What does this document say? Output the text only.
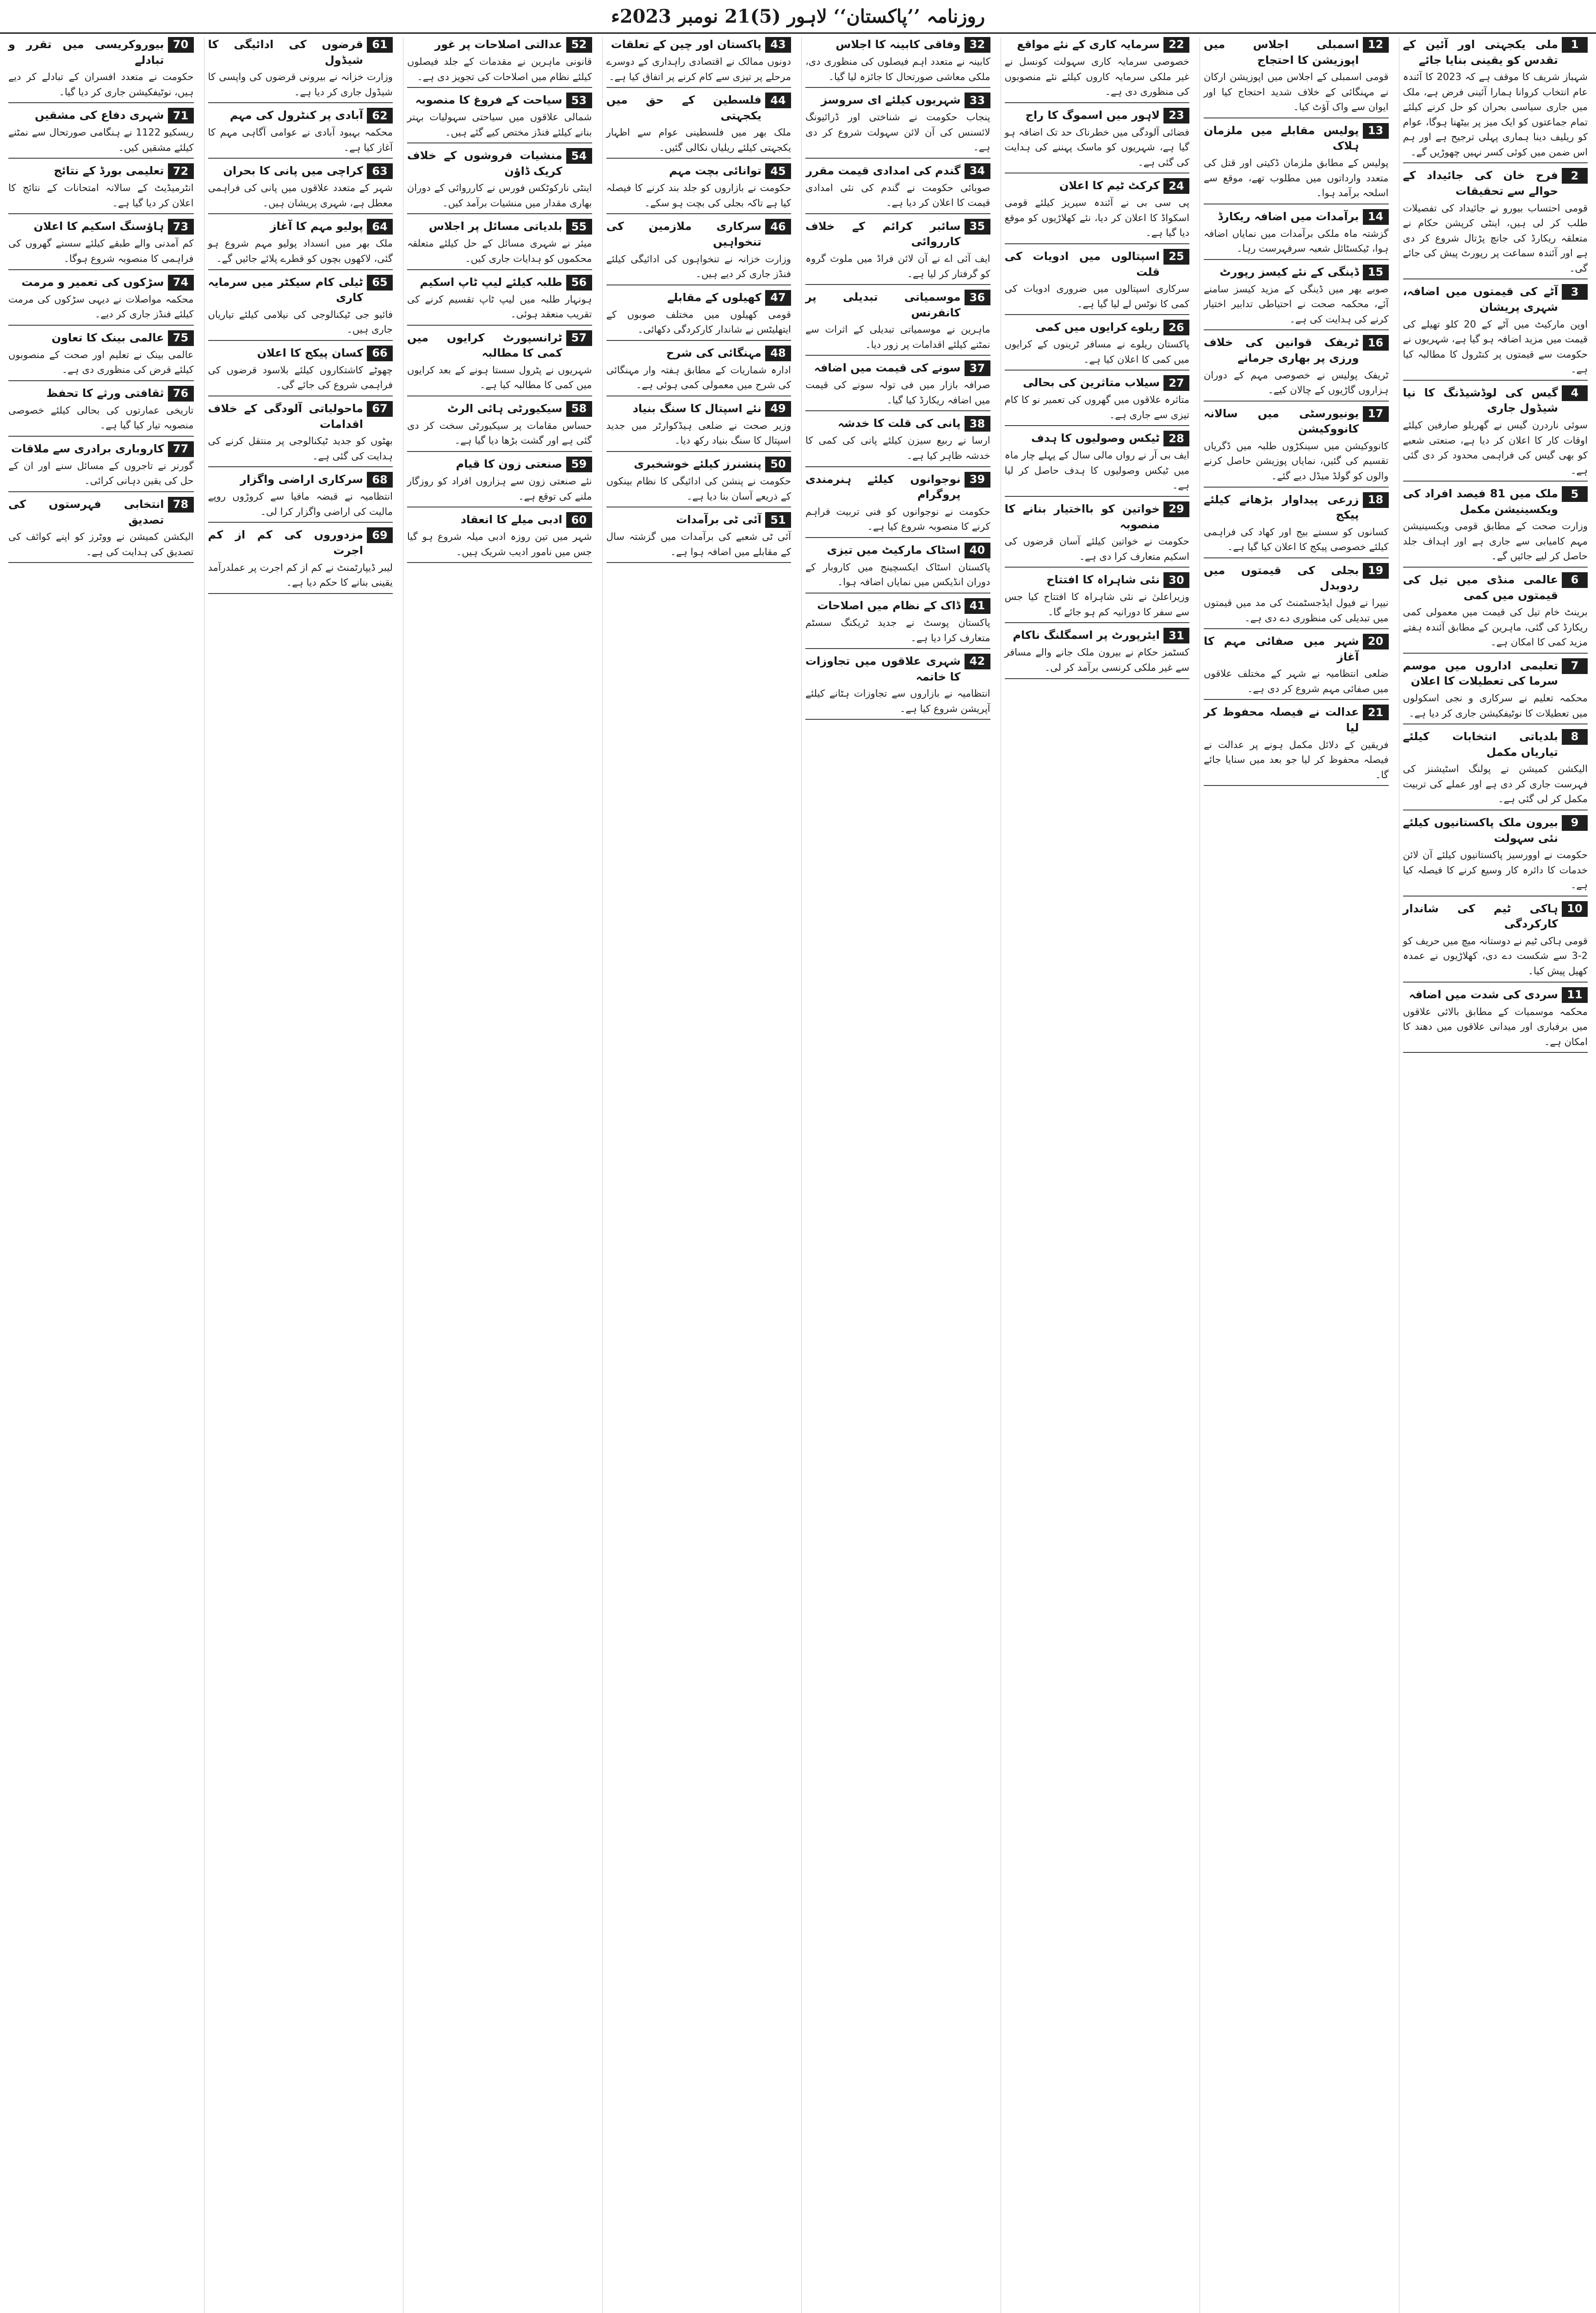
روزنامہ ’’پاکستان‘‘ لاہور (5)21 نومبر 2023ء
1
ملی یکجہتی اور آئین کے تقدس کو یقینی بنایا جائے

شہباز شریف کا موقف ہے کہ 2023 کا آئندہ عام انتخاب کروانا ہمارا آئینی فرض ہے، ملک میں جاری سیاسی بحران کو حل کرنے کیلئے تمام جماعتوں کو ایک میز پر بیٹھنا ہوگا، عوام کو ریلیف دینا ہماری پہلی ترجیح ہے اور ہم اس ضمن میں کوئی کسر نہیں چھوڑیں گے۔

2
فرح خان کی جائیداد کے حوالے سے تحقیقات

قومی احتساب بیورو نے جائیداد کی تفصیلات طلب کر لی ہیں، اینٹی کرپشن حکام نے متعلقہ ریکارڈ کی جانچ پڑتال شروع کر دی ہے اور آئندہ سماعت پر رپورٹ پیش کی جائے گی۔

3
آٹے کی قیمتوں میں اضافہ، شہری پریشان

اوپن مارکیٹ میں آٹے کے 20 کلو تھیلے کی قیمت میں مزید اضافہ ہو گیا ہے، شہریوں نے حکومت سے قیمتوں پر کنٹرول کا مطالبہ کیا ہے۔

4
گیس کی لوڈشیڈنگ کا نیا شیڈول جاری

سوئی ناردرن گیس نے گھریلو صارفین کیلئے اوقات کار کا اعلان کر دیا ہے، صنعتی شعبے کو بھی گیس کی فراہمی محدود کر دی گئی ہے۔

5
ملک میں 81 فیصد افراد کی ویکسینیشن مکمل

وزارت صحت کے مطابق قومی ویکسینیشن مہم کامیابی سے جاری ہے اور اہداف جلد حاصل کر لیے جائیں گے۔

6
عالمی منڈی میں تیل کی قیمتوں میں کمی

برینٹ خام تیل کی قیمت میں معمولی کمی ریکارڈ کی گئی، ماہرین کے مطابق آئندہ ہفتے مزید کمی کا امکان ہے۔

7
تعلیمی اداروں میں موسم سرما کی تعطیلات کا اعلان

محکمہ تعلیم نے سرکاری و نجی اسکولوں میں تعطیلات کا نوٹیفکیشن جاری کر دیا ہے۔

8
بلدیاتی انتخابات کیلئے تیاریاں مکمل

الیکشن کمیشن نے پولنگ اسٹیشنز کی فہرست جاری کر دی ہے اور عملے کی تربیت مکمل کر لی گئی ہے۔

9
بیرون ملک پاکستانیوں کیلئے نئی سہولت

حکومت نے اوورسیز پاکستانیوں کیلئے آن لائن خدمات کا دائرہ کار وسیع کرنے کا فیصلہ کیا ہے۔

10
ہاکی ٹیم کی شاندار کارکردگی

قومی ہاکی ٹیم نے دوستانہ میچ میں حریف کو 2-3 سے شکست دے دی، کھلاڑیوں نے عمدہ کھیل پیش کیا۔

11
سردی کی شدت میں اضافہ

محکمہ موسمیات کے مطابق بالائی علاقوں میں برفباری اور میدانی علاقوں میں دھند کا امکان ہے۔

12
اسمبلی اجلاس میں اپوزیشن کا احتجاج

قومی اسمبلی کے اجلاس میں اپوزیشن ارکان نے مہنگائی کے خلاف شدید احتجاج کیا اور ایوان سے واک آؤٹ کیا۔

13
پولیس مقابلے میں ملزمان ہلاک

پولیس کے مطابق ملزمان ڈکیتی اور قتل کی متعدد وارداتوں میں مطلوب تھے، موقع سے اسلحہ برآمد ہوا۔

14
برآمدات میں اضافہ ریکارڈ

گزشتہ ماہ ملکی برآمدات میں نمایاں اضافہ ہوا، ٹیکسٹائل شعبہ سرفہرست رہا۔

15
ڈینگی کے نئے کیسز رپورٹ

صوبے بھر میں ڈینگی کے مزید کیسز سامنے آئے، محکمہ صحت نے احتیاطی تدابیر اختیار کرنے کی ہدایت کی ہے۔

16
ٹریفک قوانین کی خلاف ورزی پر بھاری جرمانے

ٹریفک پولیس نے خصوصی مہم کے دوران ہزاروں گاڑیوں کے چالان کیے۔

17
یونیورسٹی میں سالانہ کانووکیشن

کانووکیشن میں سینکڑوں طلبہ میں ڈگریاں تقسیم کی گئیں، نمایاں پوزیشن حاصل کرنے والوں کو گولڈ میڈل دیے گئے۔

18
زرعی پیداوار بڑھانے کیلئے پیکج

کسانوں کو سستے بیج اور کھاد کی فراہمی کیلئے خصوصی پیکج کا اعلان کیا گیا ہے۔

19
بجلی کی قیمتوں میں ردوبدل

نیپرا نے فیول ایڈجسٹمنٹ کی مد میں قیمتوں میں تبدیلی کی منظوری دے دی ہے۔

20
شہر میں صفائی مہم کا آغاز

ضلعی انتظامیہ نے شہر کے مختلف علاقوں میں صفائی مہم شروع کر دی ہے۔

21
عدالت نے فیصلہ محفوظ کر لیا

فریقین کے دلائل مکمل ہونے پر عدالت نے فیصلہ محفوظ کر لیا جو بعد میں سنایا جائے گا۔

22
سرمایہ کاری کے نئے مواقع

خصوصی سرمایہ کاری سہولت کونسل نے غیر ملکی سرمایہ کاروں کیلئے نئے منصوبوں کی منظوری دی ہے۔

23
لاہور میں اسموگ کا راج

فضائی آلودگی میں خطرناک حد تک اضافہ ہو گیا ہے، شہریوں کو ماسک پہننے کی ہدایت کی گئی ہے۔

24
کرکٹ ٹیم کا اعلان

پی سی بی نے آئندہ سیریز کیلئے قومی اسکواڈ کا اعلان کر دیا، نئے کھلاڑیوں کو موقع دیا گیا ہے۔

25
اسپتالوں میں ادویات کی قلت

سرکاری اسپتالوں میں ضروری ادویات کی کمی کا نوٹس لے لیا گیا ہے۔

26
ریلوے کرایوں میں کمی

پاکستان ریلوے نے مسافر ٹرینوں کے کرایوں میں کمی کا اعلان کیا ہے۔

27
سیلاب متاثرین کی بحالی

متاثرہ علاقوں میں گھروں کی تعمیر نو کا کام تیزی سے جاری ہے۔

28
ٹیکس وصولیوں کا ہدف

ایف بی آر نے رواں مالی سال کے پہلے چار ماہ میں ٹیکس وصولیوں کا ہدف حاصل کر لیا ہے۔

29
خواتین کو بااختیار بنانے کا منصوبہ

حکومت نے خواتین کیلئے آسان قرضوں کی اسکیم متعارف کرا دی ہے۔

30
نئی شاہراہ کا افتتاح

وزیراعلیٰ نے نئی شاہراہ کا افتتاح کیا جس سے سفر کا دورانیہ کم ہو جائے گا۔

31
ایئرپورٹ پر اسمگلنگ ناکام

کسٹمز حکام نے بیرون ملک جانے والے مسافر سے غیر ملکی کرنسی برآمد کر لی۔

32
وفاقی کابینہ کا اجلاس

کابینہ نے متعدد اہم فیصلوں کی منظوری دی، ملکی معاشی صورتحال کا جائزہ لیا گیا۔

33
شہریوں کیلئے ای سروسز

پنجاب حکومت نے شناختی اور ڈرائیونگ لائسنس کی آن لائن سہولت شروع کر دی ہے۔

34
گندم کی امدادی قیمت مقرر

صوبائی حکومت نے گندم کی نئی امدادی قیمت کا اعلان کر دیا ہے۔

35
سائبر کرائم کے خلاف کارروائی

ایف آئی اے نے آن لائن فراڈ میں ملوث گروہ کو گرفتار کر لیا ہے۔

36
موسمیاتی تبدیلی پر کانفرنس

ماہرین نے موسمیاتی تبدیلی کے اثرات سے نمٹنے کیلئے اقدامات پر زور دیا۔

37
سونے کی قیمت میں اضافہ

صرافہ بازار میں فی تولہ سونے کی قیمت میں اضافہ ریکارڈ کیا گیا۔

38
پانی کی قلت کا خدشہ

ارسا نے ربیع سیزن کیلئے پانی کی کمی کا خدشہ ظاہر کیا ہے۔

39
نوجوانوں کیلئے ہنرمندی پروگرام

حکومت نے نوجوانوں کو فنی تربیت فراہم کرنے کا منصوبہ شروع کیا ہے۔

40
اسٹاک مارکیٹ میں تیزی

پاکستان اسٹاک ایکسچینج میں کاروبار کے دوران انڈیکس میں نمایاں اضافہ ہوا۔

41
ڈاک کے نظام میں اصلاحات

پاکستان پوسٹ نے جدید ٹریکنگ سسٹم متعارف کرا دیا ہے۔

42
شہری علاقوں میں تجاوزات کا خاتمہ

انتظامیہ نے بازاروں سے تجاوزات ہٹانے کیلئے آپریشن شروع کیا ہے۔

43
پاکستان اور چین کے تعلقات

دونوں ممالک نے اقتصادی راہداری کے دوسرے مرحلے پر تیزی سے کام کرنے پر اتفاق کیا ہے۔

44
فلسطین کے حق میں یکجہتی

ملک بھر میں فلسطینی عوام سے اظہار یکجہتی کیلئے ریلیاں نکالی گئیں۔

45
توانائی بچت مہم

حکومت نے بازاروں کو جلد بند کرنے کا فیصلہ کیا ہے تاکہ بجلی کی بچت ہو سکے۔

46
سرکاری ملازمین کی تنخواہیں

وزارت خزانہ نے تنخواہوں کی ادائیگی کیلئے فنڈز جاری کر دیے ہیں۔

47
کھیلوں کے مقابلے

قومی کھیلوں میں مختلف صوبوں کے ایتھلیٹس نے شاندار کارکردگی دکھائی۔

48
مہنگائی کی شرح

ادارہ شماریات کے مطابق ہفتہ وار مہنگائی کی شرح میں معمولی کمی ہوئی ہے۔

49
نئے اسپتال کا سنگ بنیاد

وزیر صحت نے ضلعی ہیڈکوارٹر میں جدید اسپتال کا سنگ بنیاد رکھ دیا۔

50
پنشنرز کیلئے خوشخبری

حکومت نے پنشن کی ادائیگی کا نظام بینکوں کے ذریعے آسان بنا دیا ہے۔

51
آئی ٹی برآمدات

آئی ٹی شعبے کی برآمدات میں گزشتہ سال کے مقابلے میں اضافہ ہوا ہے۔

52
عدالتی اصلاحات پر غور

قانونی ماہرین نے مقدمات کے جلد فیصلوں کیلئے نظام میں اصلاحات کی تجویز دی ہے۔

53
سیاحت کے فروغ کا منصوبہ

شمالی علاقوں میں سیاحتی سہولیات بہتر بنانے کیلئے فنڈز مختص کیے گئے ہیں۔

54
منشیات فروشوں کے خلاف کریک ڈاؤن

اینٹی نارکوٹکس فورس نے کارروائی کے دوران بھاری مقدار میں منشیات برآمد کیں۔

55
بلدیاتی مسائل پر اجلاس

میئر نے شہری مسائل کے حل کیلئے متعلقہ محکموں کو ہدایات جاری کیں۔

56
طلبہ کیلئے لیپ ٹاپ اسکیم

ہونہار طلبہ میں لیپ ٹاپ تقسیم کرنے کی تقریب منعقد ہوئی۔

57
ٹرانسپورٹ کرایوں میں کمی کا مطالبہ

شہریوں نے پٹرول سستا ہونے کے بعد کرایوں میں کمی کا مطالبہ کیا ہے۔

58
سیکیورٹی ہائی الرٹ

حساس مقامات پر سیکیورٹی سخت کر دی گئی ہے اور گشت بڑھا دیا گیا ہے۔

59
صنعتی زون کا قیام

نئے صنعتی زون سے ہزاروں افراد کو روزگار ملنے کی توقع ہے۔

60
ادبی میلے کا انعقاد

شہر میں تین روزہ ادبی میلہ شروع ہو گیا جس میں نامور ادیب شریک ہیں۔

61
قرضوں کی ادائیگی کا شیڈول

وزارت خزانہ نے بیرونی قرضوں کی واپسی کا شیڈول جاری کر دیا ہے۔

62
آبادی پر کنٹرول کی مہم

محکمہ بہبود آبادی نے عوامی آگاہی مہم کا آغاز کیا ہے۔

63
کراچی میں پانی کا بحران

شہر کے متعدد علاقوں میں پانی کی فراہمی معطل ہے، شہری پریشان ہیں۔

64
پولیو مہم کا آغاز

ملک بھر میں انسداد پولیو مہم شروع ہو گئی، لاکھوں بچوں کو قطرے پلائے جائیں گے۔

65
ٹیلی کام سیکٹر میں سرمایہ کاری

فائیو جی ٹیکنالوجی کی نیلامی کیلئے تیاریاں جاری ہیں۔

66
کسان پیکج کا اعلان

چھوٹے کاشتکاروں کیلئے بلاسود قرضوں کی فراہمی شروع کی جائے گی۔

67
ماحولیاتی آلودگی کے خلاف اقدامات

بھٹوں کو جدید ٹیکنالوجی پر منتقل کرنے کی ہدایت کی گئی ہے۔

68
سرکاری اراضی واگزار

انتظامیہ نے قبضہ مافیا سے کروڑوں روپے مالیت کی اراضی واگزار کرا لی۔

69
مزدوروں کی کم از کم اجرت

لیبر ڈیپارٹمنٹ نے کم از کم اجرت پر عملدرآمد یقینی بنانے کا حکم دیا ہے۔

70
بیوروکریسی میں تقرر و تبادلے

حکومت نے متعدد افسران کے تبادلے کر دیے ہیں، نوٹیفکیشن جاری کر دیا گیا۔

71
شہری دفاع کی مشقیں

ریسکیو 1122 نے ہنگامی صورتحال سے نمٹنے کیلئے مشقیں کیں۔

72
تعلیمی بورڈ کے نتائج

انٹرمیڈیٹ کے سالانہ امتحانات کے نتائج کا اعلان کر دیا گیا ہے۔

73
ہاؤسنگ اسکیم کا اعلان

کم آمدنی والے طبقے کیلئے سستے گھروں کی فراہمی کا منصوبہ شروع ہوگا۔

74
سڑکوں کی تعمیر و مرمت

محکمہ مواصلات نے دیہی سڑکوں کی مرمت کیلئے فنڈز جاری کر دیے۔

75
عالمی بینک کا تعاون

عالمی بینک نے تعلیم اور صحت کے منصوبوں کیلئے قرض کی منظوری دی ہے۔

76
ثقافتی ورثے کا تحفظ

تاریخی عمارتوں کی بحالی کیلئے خصوصی منصوبہ تیار کیا گیا ہے۔

77
کاروباری برادری سے ملاقات

گورنر نے تاجروں کے مسائل سنے اور ان کے حل کی یقین دہانی کرائی۔

78
انتخابی فہرستوں کی تصدیق

الیکشن کمیشن نے ووٹرز کو اپنے کوائف کی تصدیق کی ہدایت کی ہے۔
